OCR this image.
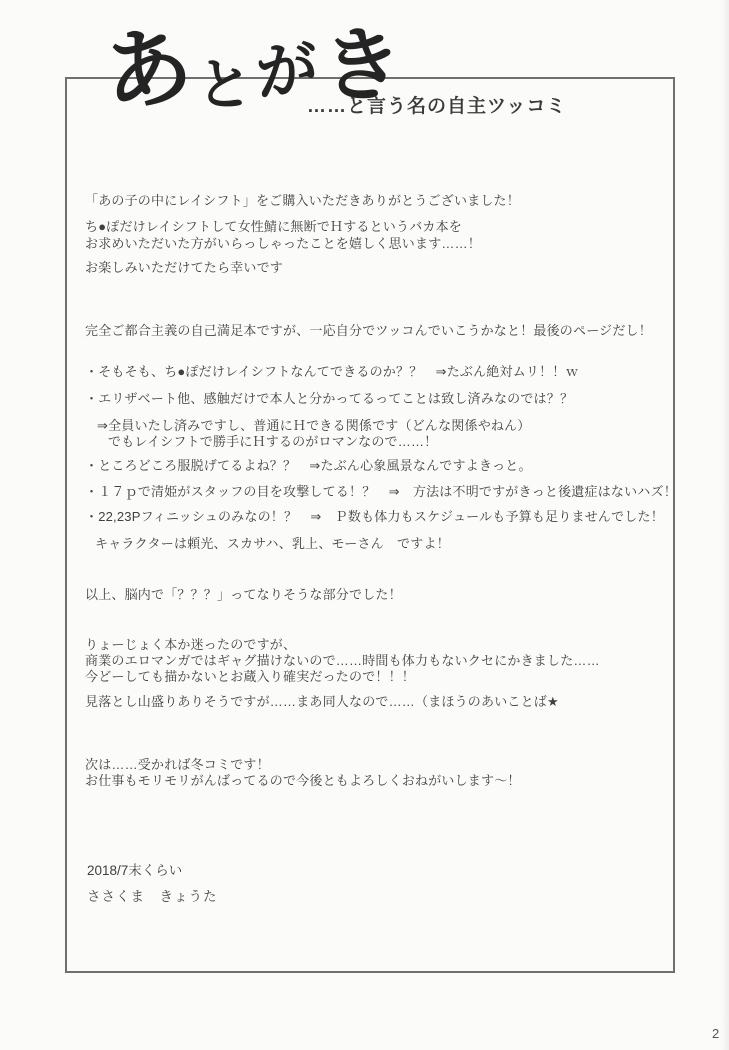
あ
と
が
き
……と言う名の自主ツッコミ
「あの子の中にレイシフト」をご購入いただきありがとうございました！
ち●ぽだけレイシフトして女性鯖に無断でＨするというバカ本を
お求めいただいた方がいらっしゃったことを嬉しく思います……！
お楽しみいただけてたら幸いです
完全ご都合主義の自己満足本ですが、一応自分でツッコんでいこうかなと！最後のページだし！
・そもそも、ち●ぽだけレイシフトなんてできるのか？？　⇒たぶん絶対ムリ！！ｗ
・エリザベート他、感触だけで本人と分かってるってことは致し済みなのでは？？
⇒全員いたし済みですし、普通にＨできる関係です（どんな関係やねん）
でもレイシフトで勝手にＨするのがロマンなので……！
・ところどころ服脱げてるよね？？　⇒たぶん心象風景なんですよきっと。
・１７ｐで清姫がスタッフの目を攻撃してる！？　⇒　方法は不明ですがきっと後遺症はないハズ！
・22,23Pフィニッシュのみなの！？　⇒　Ｐ数も体力もスケジュールも予算も足りませんでした！
キャラクターは頼光、スカサハ、乳上、モーさん　ですよ！
以上、脳内で「？？？」ってなりそうな部分でした！
りょーじょく本か迷ったのですが、
商業のエロマンガではギャグ描けないので……時間も体力もないクセにかきました……
今どーしても描かないとお蔵入り確実だったので！！！
見落とし山盛りありそうですが……まあ同人なので……（まほうのあいことば★
次は……受かれば冬コミです！
お仕事もモリモリがんばってるので今後ともよろしくおねがいします～！
2018/7末くらい
ささくま　きょうた
2
